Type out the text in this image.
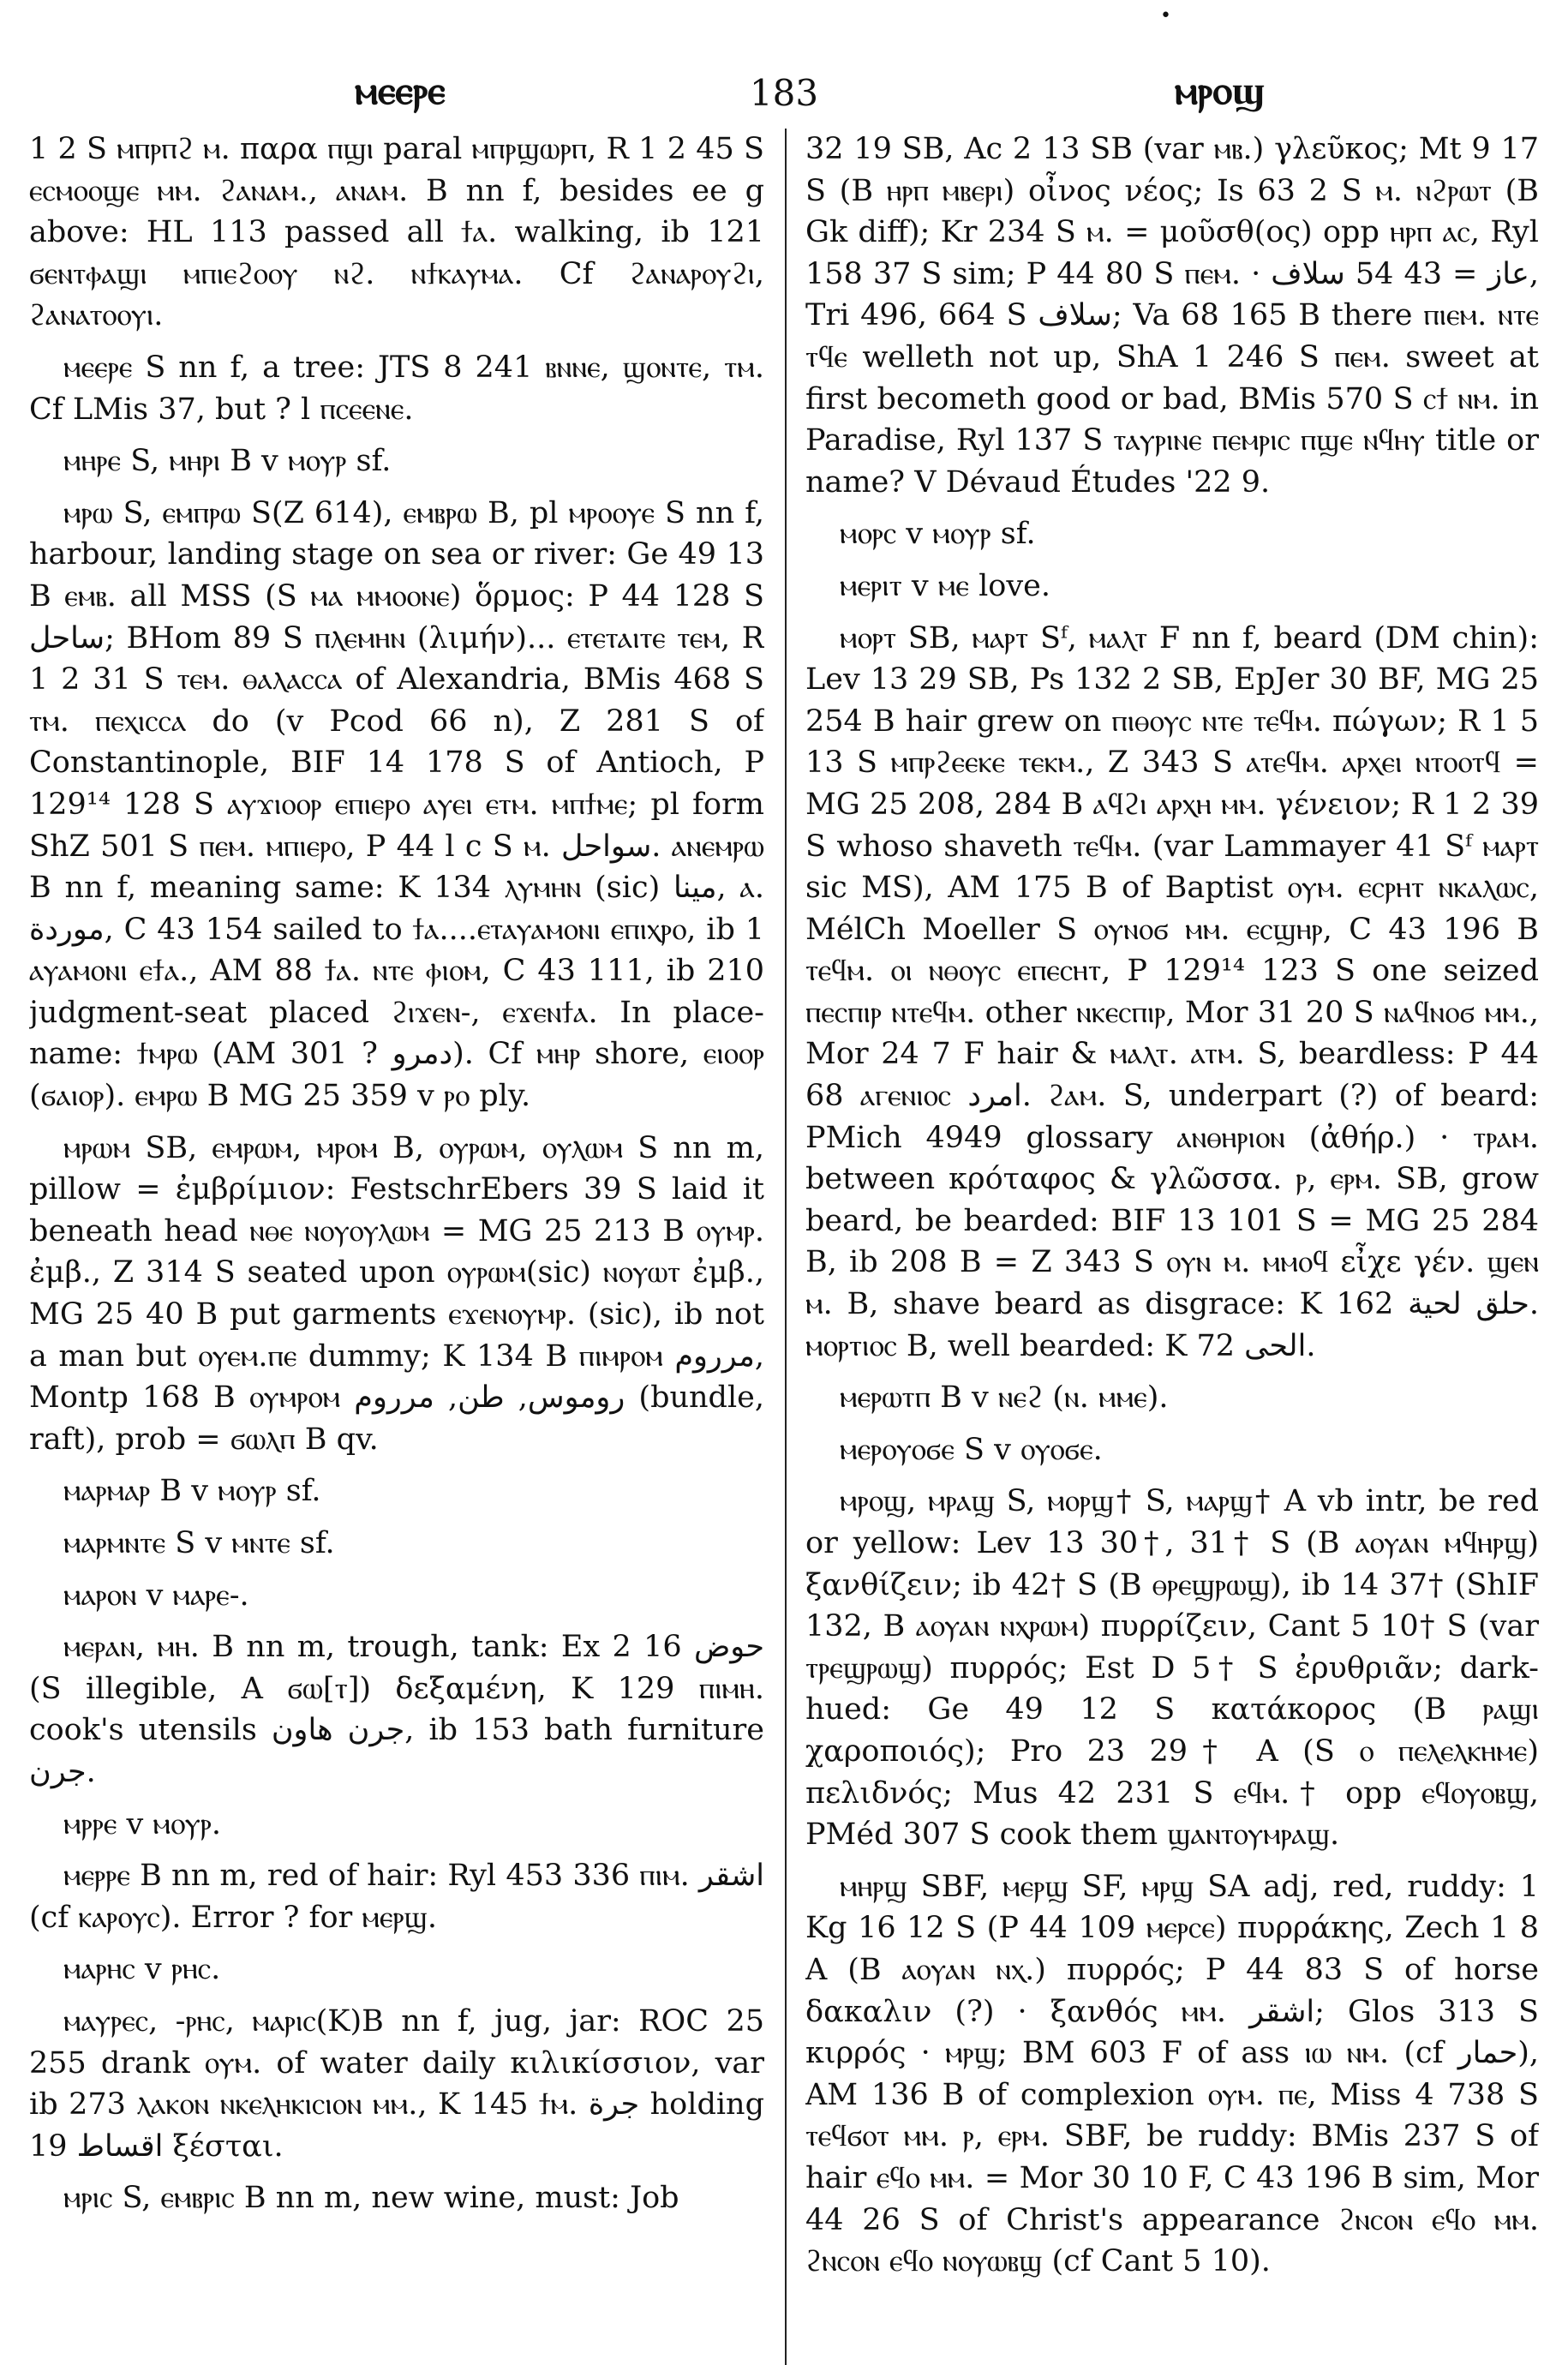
ⲙⲉⲉⲣⲉ	183	ⲙⲣⲟϣ
•

1 2 S ⲙⲡⲣⲡϩ ⲙ. παρα ⲡϣⲓ paral ⲙⲡⲣϣⲱⲣⲡ, R 1 2 45 S ⲉⲥⲙⲟⲟϣⲉ ⲙⲙ. ϩⲁⲛⲁⲙ., ⲁⲛⲁⲙ. B nn f, besides ee g above: HL 113 passed all ϯⲁ. walking, ib 121 ϭⲉⲛⲧⲫⲁϣⲓ ⲙⲡⲓⲉϩⲟⲟⲩ ⲛϩ. ⲛϯⲕⲁⲩⲙⲁ. Cf ϩⲁⲛⲁⲣⲟⲩϩⲓ, ϩⲁⲛⲁⲧⲟⲟⲩⲓ.

ⲙⲉⲉⲣⲉ S nn f, a tree: JTS 8 241 ⲃⲛⲛⲉ, ϣⲟⲛⲧⲉ, ⲧⲙ. Cf LMis 37, but ? l ⲡⲥⲉⲉⲛⲉ.

ⲙⲏⲣⲉ S, ⲙⲏⲣⲓ B v ⲙⲟⲩⲣ sf.

ⲙⲣⲱ S, ⲉⲙⲡⲣⲱ S(Z 614), ⲉⲙⲃⲣⲱ B, pl ⲙⲣⲟⲟⲩⲉ S nn f, harbour, landing stage on sea or river: Ge 49 13 B ⲉⲙⲃ. all MSS (S ⲙⲁ ⲙⲙⲟⲟⲛⲉ) ὅρμος: P 44 128 S ساحل; BHom 89 S ⲡⲗⲉⲙⲏⲛ (λιμήν)... ⲉⲧⲉⲧⲁⲓⲧⲉ ⲧⲉⲙ, R 1 2 31 S ⲧⲉⲙ. ⲑⲁⲗⲁⲥⲥⲁ of Alexandria, BMis 468 S ⲧⲙ. ⲡⲉⲭⲓⲥⲥⲁ do (v Pcod 66 n), Z 281 S of Constantinople, BIF 14 178 S of Antioch, P 129¹⁴ 128 S ⲁⲩϫⲓⲟⲟⲣ ⲉⲡⲓⲉⲣⲟ ⲁⲩⲉⲓ ⲉⲧⲙ. ⲙⲡϯⲙⲉ; pl form ShZ 501 S ⲡⲉⲙ. ⲙⲡⲓⲉⲣⲟ, P 44 l c S ⲙ. سواحل. ⲁⲛⲉⲙⲣⲱ B nn f, meaning same: K 134 ⲗⲩⲙⲏⲛ (sic) مينا, ⲁ. موردة, C 43 154 sailed to ϯⲁ....ⲉⲧⲁⲩⲁⲙⲟⲛⲓ ⲉⲡⲓⲭⲣⲟ, ib 1 ⲁⲩⲁⲙⲟⲛⲓ ⲉϯⲁ., AM 88 ϯⲁ. ⲛⲧⲉ ⲫⲓⲟⲙ, C 43 111, ib 210 judgment-seat placed ϩⲓϫⲉⲛ-, ⲉϫⲉⲛϯⲁ. In place-name: ϯⲙⲣⲱ (AM 301 ? دمرو). Cf ⲙⲏⲣ shore, ⲉⲓⲟⲟⲣ (ϭⲁⲓⲟⲣ). ⲉⲙⲣⲱ B MG 25 359 v ⲣⲟ ply.

ⲙⲣⲱⲙ SB, ⲉⲙⲣⲱⲙ, ⲙⲣⲟⲙ B, ⲟⲩⲣⲱⲙ, ⲟⲩⲗⲱⲙ S nn m, pillow = ἐμβρίμιον: FestschrEbers 39 S laid it beneath head ⲛⲑⲉ ⲛⲟⲩⲟⲩⲗⲱⲙ = MG 25 213 B ⲟⲩⲙⲣ. ἐμβ., Z 314 S seated upon ⲟⲩⲣⲱⲙ(sic) ⲛⲟⲩⲱⲧ ἐμβ., MG 25 40 B put garments ⲉϫⲉⲛⲟⲩⲙⲣ. (sic), ib not a man but ⲟⲩⲉⲙ.ⲡⲉ dummy; K 134 B ⲡⲓⲙⲣⲟⲙ مرروم, Montp 168 B ⲟⲩⲙⲣⲟⲙ روموس, طن, مرروم (bundle, raft), prob = ϭⲱⲗⲡ B qv.

ⲙⲁⲣⲙⲁⲣ B v ⲙⲟⲩⲣ sf.

ⲙⲁⲣⲙⲛⲧⲉ S v ⲙⲛⲧⲉ sf.

ⲙⲁⲣⲟⲛ v ⲙⲁⲣⲉ-.

ⲙⲉⲣⲁⲛ, ⲙⲏ. B nn m, trough, tank: Ex 2 16 حوض (S illegible, A ϭⲱ[ⲧ]) δεξαμένη, K 129 ⲡⲓⲙⲏ. cook's utensils جرن هاون, ib 153 bath furniture جرن.

ⲙⲣⲣⲉ v ⲙⲟⲩⲣ.

ⲙⲉⲣⲣⲉ B nn m, red of hair: Ryl 453 336 ⲡⲓⲙ. اشقر (cf ⲕⲁⲣⲟⲩⲥ). Error ? for ⲙⲉⲣϣ.

ⲙⲁⲣⲏⲥ v ⲣⲏⲥ.

ⲙⲁⲩⲣⲉⲥ, -ⲣⲏⲥ, ⲙⲁⲣⲓⲥ(K)B nn f, jug, jar: ROC 25 255 drank ⲟⲩⲙ. of water daily κιλικίσσιον, var ib 273 ⲗⲁⲕⲟⲛ ⲛⲕⲉⲗⲏⲕⲓⲥⲓⲟⲛ ⲙⲙ., K 145 ϯⲙ. جرة holding 19 اقساط ξέσται.

ⲙⲣⲓⲥ S, ⲉⲙⲃⲣⲓⲥ B nn m, new wine, must: Job

32 19 SB, Ac 2 13 SB (var ⲙⲃ.) γλεῦκος; Mt 9 17 S (B ⲏⲣⲡ ⲙⲃⲉⲣⲓ) οἶνος νέος; Is 63 2 S ⲙ. ⲛϩⲣⲱⲧ (B Gk diff); Kr 234 S ⲙ. = μοῦσθ(ος) opp ⲏⲣⲡ ⲁⲥ, Ryl 158 37 S sim; P 44 80 S ⲡⲉⲙ. · عاز = 43 54 سلاف, Tri 496, 664 S سلاف; Va 68 165 B there ⲡⲓⲉⲙ. ⲛⲧⲉ ⲧϥⲉ welleth not up, ShA 1 246 S ⲡⲉⲙ. sweet at first becometh good or bad, BMis 570 S ⲥϯ ⲛⲙ. in Paradise, Ryl 137 S ⲧⲁⲩⲣⲓⲛⲉ ⲡⲉⲙⲣⲓⲥ ⲡϣⲉ ⲛϥⲏⲩ title or name? V Dévaud Études '22 9.

ⲙⲟⲣⲥ v ⲙⲟⲩⲣ sf.

ⲙⲉⲣⲓⲧ v ⲙⲉ love.

ⲙⲟⲣⲧ SB, ⲙⲁⲣⲧ Sᶠ, ⲙⲁⲗⲧ F nn f, beard (DM chin): Lev 13 29 SB, Ps 132 2 SB, EpJer 30 BF, MG 25 254 B hair grew on ⲡⲓⲑⲟⲩⲥ ⲛⲧⲉ ⲧⲉϥⲙ. πώγων; R 1 5 13 S ⲙⲡⲣϩⲉⲉⲕⲉ ⲧⲉⲕⲙ., Z 343 S ⲁⲧⲉϥⲙ. ⲁⲣⲭⲉⲓ ⲛⲧⲟⲟⲧϥ = MG 25 208, 284 B ⲁϥϩⲓ ⲁⲣⲭⲏ ⲙⲙ. γένειον; R 1 2 39 S whoso shaveth ⲧⲉϥⲙ. (var Lammayer 41 Sᶠ ⲙⲁⲣⲧ sic MS), AM 175 B of Baptist ⲟⲩⲙ. ⲉⲥⲣⲏⲧ ⲛⲕⲁⲗⲱⲥ, MélCh Moeller S ⲟⲩⲛⲟϭ ⲙⲙ. ⲉⲥϣⲏⲣ, C 43 196 B ⲧⲉϥⲙ. ⲟⲓ ⲛⲑⲟⲩⲥ ⲉⲡⲉⲥⲏⲧ, P 129¹⁴ 123 S one seized ⲡⲉⲥⲡⲓⲣ ⲛⲧⲉϥⲙ. other ⲛⲕⲉⲥⲡⲓⲣ, Mor 31 20 S ⲛⲁϥⲛⲟϭ ⲙⲙ., Mor 24 7 F hair & ⲙⲁⲗⲧ. ⲁⲧⲙ. S, beardless: P 44 68 ⲁⲅⲉⲛⲓⲟⲥ امرد. ϩⲁⲙ. S, underpart (?) of beard: PMich 4949 glossary ⲁⲛⲑⲏⲣⲓⲟⲛ (ἀθήρ.) · ⲧⲣⲁⲙ. between κρόταφος & γλῶσσα. ⲣ, ⲉⲣⲙ. SB, grow beard, be bearded: BIF 13 101 S = MG 25 284 B, ib 208 B = Z 343 S ⲟⲩⲛ ⲙ. ⲙⲙⲟϥ εἶχε γέν. ϣⲉⲛ ⲙ. B, shave beard as disgrace: K 162 حلق لحية. ⲙⲟⲣⲧⲓⲟⲥ B, well bearded: K 72 الحى.

ⲙⲉⲣⲱⲧⲡ B v ⲛⲉϩ (ⲛ. ⲙⲙⲉ).

ⲙⲉⲣⲟⲩⲟϭⲉ S v ⲟⲩⲟϭⲉ.

ⲙⲣⲟϣ, ⲙⲣⲁϣ S, ⲙⲟⲣϣ† S, ⲙⲁⲣϣ† A vb intr, be red or yellow: Lev 13 30†, 31† S (B ⲁⲟⲩⲁⲛ ⲙϥⲏⲣϣ) ξανθίζειν; ib 42† S (B ⲑⲣⲉϣⲣⲱϣ), ib 14 37† (ShIF 132, B ⲁⲟⲩⲁⲛ ⲛⲭⲣⲱⲙ) πυρρίζειν, Cant 5 10† S (var ⲧⲣⲉϣⲣⲱϣ) πυρρός; Est D 5† S ἐρυθριᾶν; dark-hued: Ge 49 12 S κατάκορος (B ⲣⲁϣⲓ χαροποιός); Pro 23 29† A (S ⲟ ⲡⲉⲗⲉⲗⲕⲏⲙⲉ) πελιδνός; Mus 42 231 S ⲉϥⲙ.† opp ⲉϥⲟⲩⲟⲃϣ, PMéd 307 S cook them ϣⲁⲛⲧⲟⲩⲙⲣⲁϣ.

ⲙⲏⲣϣ SBF, ⲙⲉⲣϣ SF, ⲙⲣϣ SA adj, red, ruddy: 1 Kg 16 12 S (P 44 109 ⲙⲉⲣⲥⲉ) πυρράκης, Zech 1 8 A (B ⲁⲟⲩⲁⲛ ⲛⲭ.) πυρρός; P 44 83 S of horse δακαλιν (?) · ξανθός ⲙⲙ. اشقر; Glos 313 S κιρρός · ⲙⲣϣ; BM 603 F of ass ⲓⲱ ⲛⲙ. (cf حمار), AM 136 B of complexion ⲟⲩⲙ. ⲡⲉ, Miss 4 738 S ⲧⲉϥϭⲟⲧ ⲙⲙ. ⲣ, ⲉⲣⲙ. SBF, be ruddy: BMis 237 S of hair ⲉϥⲟ ⲙⲙ. = Mor 30 10 F, C 43 196 B sim, Mor 44 26 S of Christ's appearance ϩⲛⲥⲟⲛ ⲉϥⲟ ⲙⲙ. ϩⲛⲥⲟⲛ ⲉϥⲟ ⲛⲟⲩⲱⲃϣ (cf Cant 5 10).
